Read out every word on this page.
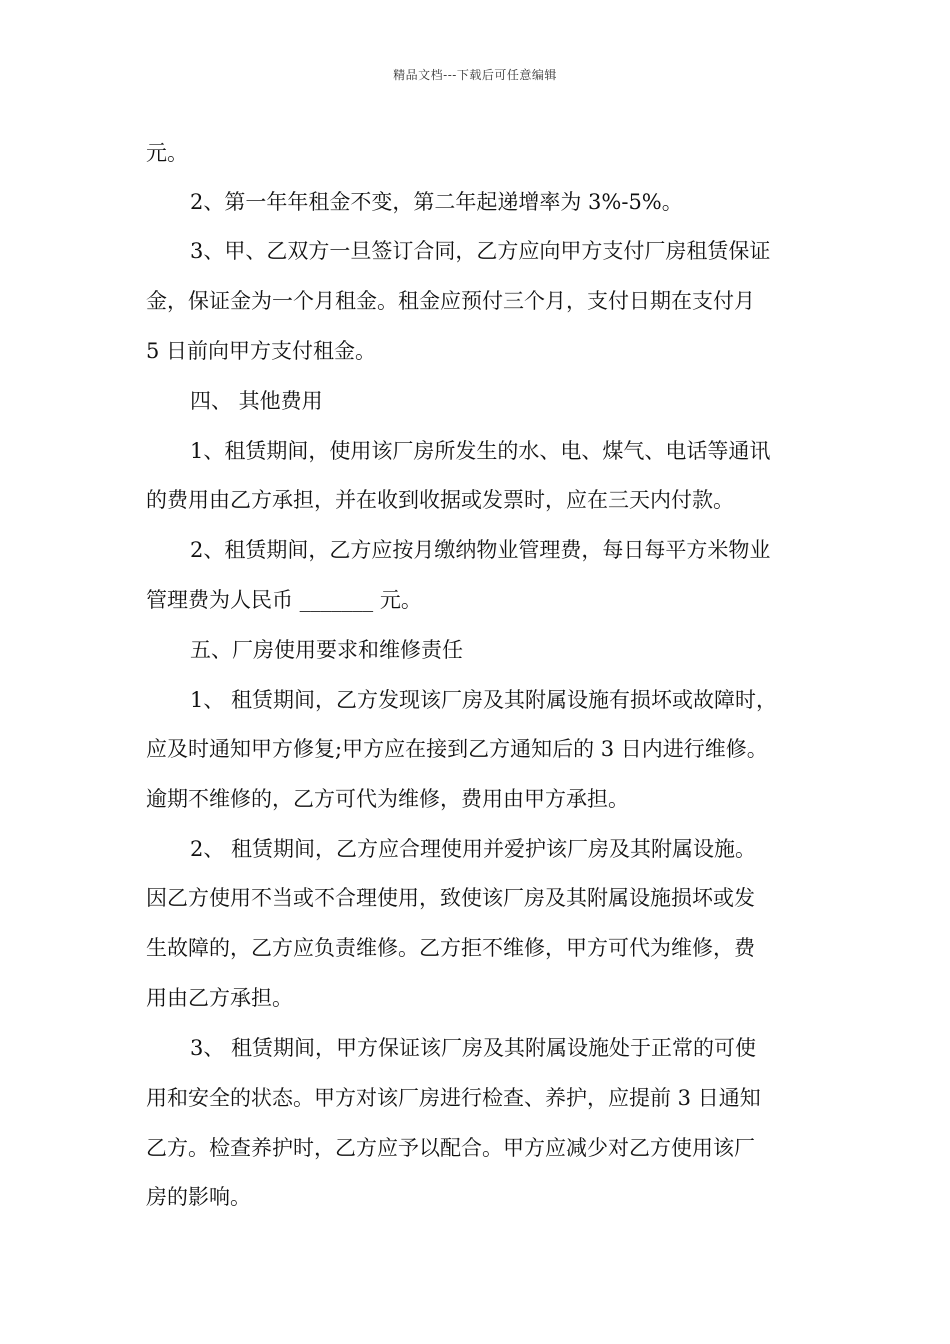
精品文档---下载后可任意编辑
元。
2、第一年年租金不变，第二年起递增率为 3%-5%。
3、甲、乙双方一旦签订合同，乙方应向甲方支付厂房租赁保证
金，保证金为一个月租金。租金应预付三个月，支付日期在支付月
5 日前向甲方支付租金。
四、 其他费用
1、租赁期间，使用该厂房所发生的水、电、煤气、电话等通讯
的费用由乙方承担，并在收到收据或发票时，应在三天内付款。
2、租赁期间，乙方应按月缴纳物业管理费，每日每平方米物业
管理费为人民币 _______ 元。
五、厂房使用要求和维修责任
1、 租赁期间，乙方发现该厂房及其附属设施有损坏或故障时，
应及时通知甲方修复;甲方应在接到乙方通知后的 3 日内进行维修。
逾期不维修的，乙方可代为维修，费用由甲方承担。
2、 租赁期间，乙方应合理使用并爱护该厂房及其附属设施。
因乙方使用不当或不合理使用，致使该厂房及其附属设施损坏或发
生故障的，乙方应负责维修。乙方拒不维修，甲方可代为维修，费
用由乙方承担。
3、 租赁期间，甲方保证该厂房及其附属设施处于正常的可使
用和安全的状态。甲方对该厂房进行检查、养护，应提前 3 日通知
乙方。检查养护时，乙方应予以配合。甲方应减少对乙方使用该厂
房的影响。
